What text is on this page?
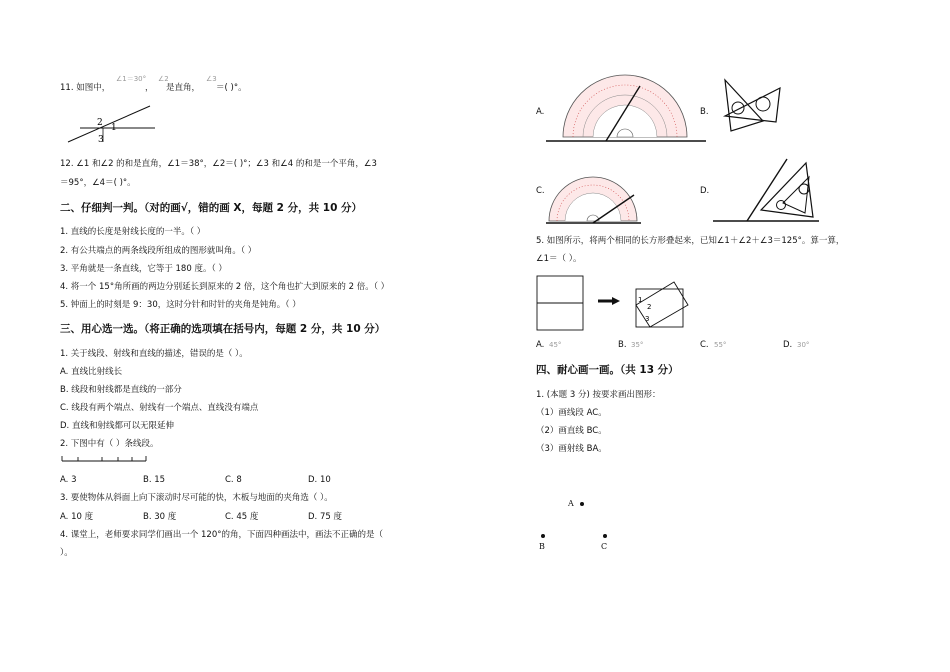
11. 如图中，
∠1＝30°
，
∠2
是直角，
∠3
＝( )°。
2 1
3
12. ∠1 和∠2 的和是直角，∠1＝38°，∠2＝( )°；∠3 和∠4 的和是一个平角，∠3
＝95°，∠4＝( )°。
二、仔细判一判。（对的画√，错的画 X，每题 2 分，共 10 分）
1. 直线的长度是射线长度的一半。（ ）
2. 有公共端点的两条线段所组成的图形就叫角。（ ）
3. 平角就是一条直线，它等于 180 度。（ ）
4. 将一个 15°角所画的两边分别延长到原来的 2 倍，这个角也扩大到原来的 2 倍。（ ）
5. 钟面上的时刻是 9：30，这时分针和时针的夹角是钝角。（ ）
三、用心选一选。（将正确的选项填在括号内，每题 2 分，共 10 分）
1. 关于线段、射线和直线的描述，错误的是（ ）。
A. 直线比射线长
B. 线段和射线都是直线的一部分
C. 线段有两个端点、射线有一个端点、直线没有端点
D. 直线和射线都可以无限延伸
2. 下图中有（ ）条线段。
A. 3	B. 15	C. 8	D. 10
3. 要使物体从斜面上向下滚动时尽可能的快，木板与地面的夹角选（ ）。
A. 10 度	B. 30 度	C. 45 度	D. 75 度
4. 课堂上，老师要求同学们画出一个 120°的角，下面四种画法中，画法不正确的是（
）。
A.	B.
C.	D.
5. 如图所示，将两个相同的长方形叠起来，已知∠1＋∠2＋∠3＝125°。算一算，
∠1＝（ ）。
1
2
3
A. 45°	B. 35°	C. 55°	D. 30°
四、耐心画一画。（共 13 分）
1. (本题 3 分) 按要求画出图形：
（1）画线段 AC。
（2）画直线 BC。
（3）画射线 BA。
A
B	C
